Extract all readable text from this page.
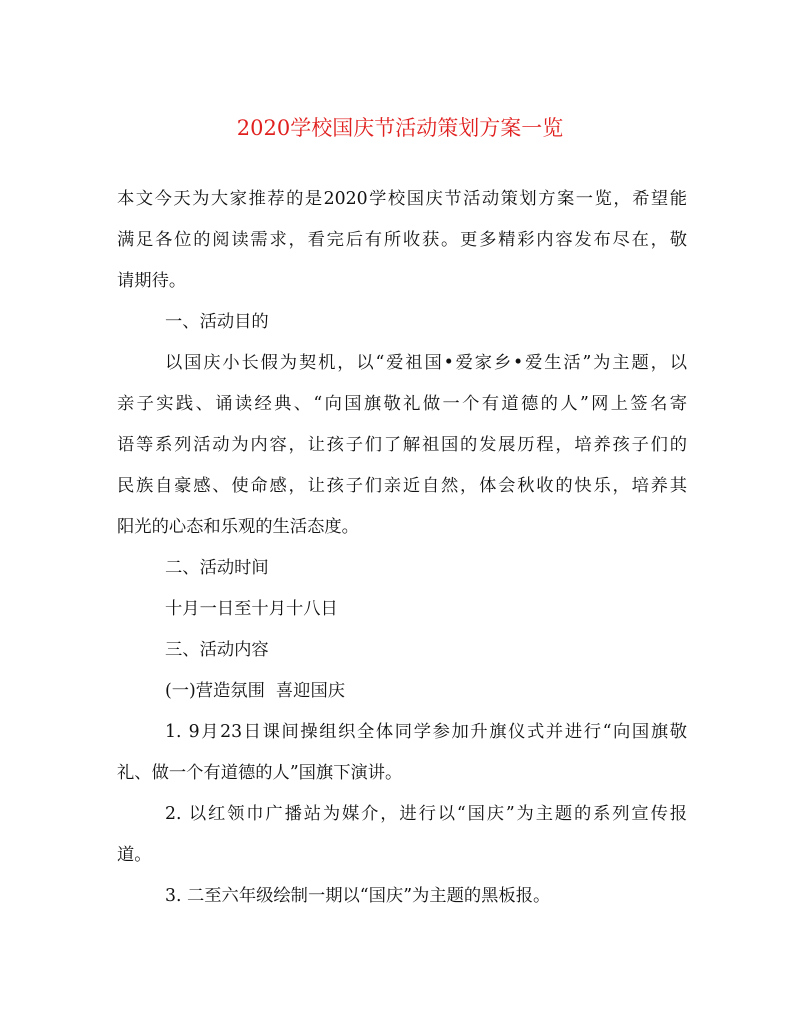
2020学校国庆节活动策划方案一览
本文今天为大家推荐的是2020学校国庆节活动策划方案一览，希望能
满足各位的阅读需求，看完后有所收获。更多精彩内容发布尽在，敬
请期待。
一、活动目的
以国庆小长假为契机，以“爱祖国•爱家乡•爱生活”为主题，以
亲子实践、诵读经典、“向国旗敬礼做一个有道德的人”网上签名寄
语等系列活动为内容，让孩子们了解祖国的发展历程，培养孩子们的
民族自豪感、使命感，让孩子们亲近自然，体会秋收的快乐，培养其
阳光的心态和乐观的生活态度。
二、活动时间
十月一日至十月十八日
三、活动内容
(一)营造氛围  喜迎国庆
1. 9月23日课间操组织全体同学参加升旗仪式并进行“向国旗敬
礼、做一个有道德的人”国旗下演讲。
2. 以红领巾广播站为媒介，进行以“国庆”为主题的系列宣传报
道。
3. 二至六年级绘制一期以“国庆”为主题的黑板报。
